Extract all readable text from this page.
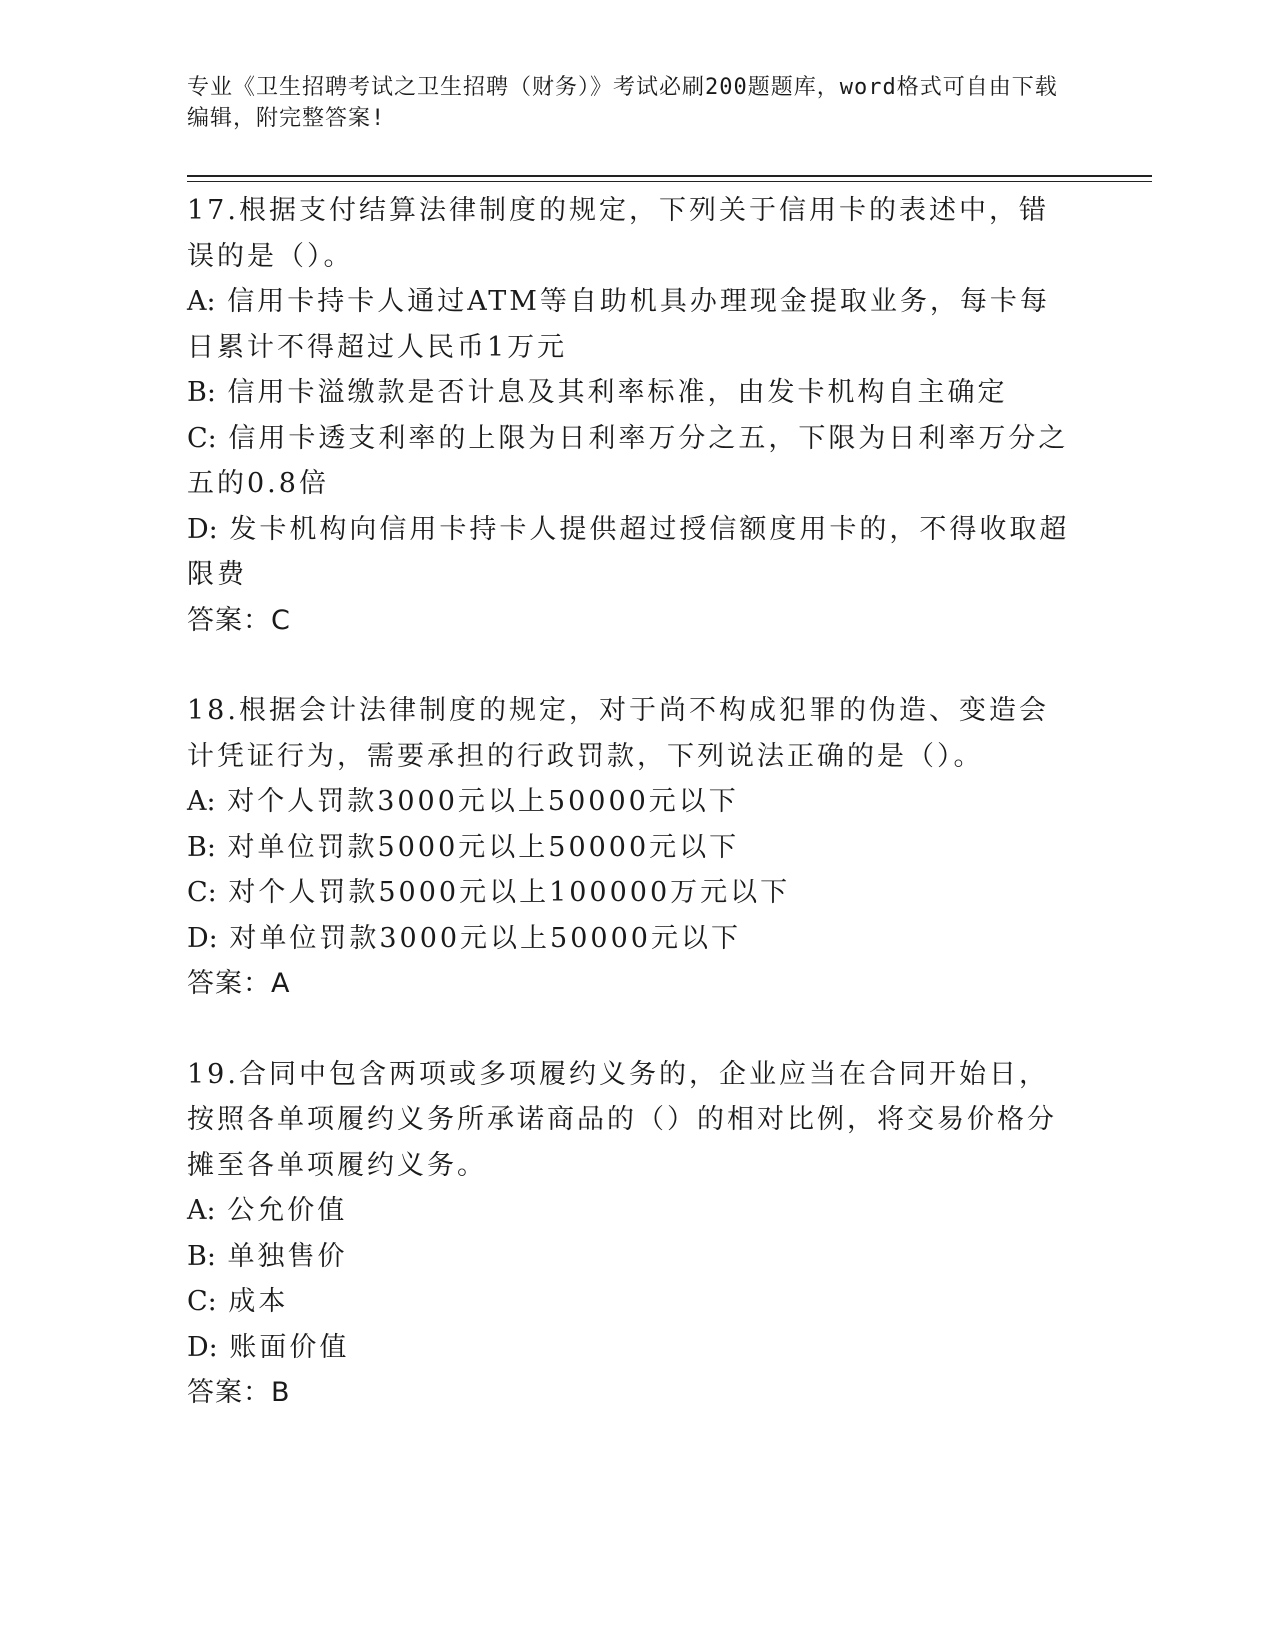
专业《卫生招聘考试之卫生招聘（财务）》考试必刷200题题库，word格式可自由下载编辑，附完整答案!

17.根据支付结算法律制度的规定，下列关于信用卡的表述中，错误的是（）。

A: 信用卡持卡人通过ATM等自助机具办理现金提取业务，每卡每日累计不得超过人民币1万元

B: 信用卡溢缴款是否计息及其利率标准，由发卡机构自主确定

C: 信用卡透支利率的上限为日利率万分之五，下限为日利率万分之五的0.8倍

D: 发卡机构向信用卡持卡人提供超过授信额度用卡的，不得收取超限费

答案：C

18.根据会计法律制度的规定，对于尚不构成犯罪的伪造、变造会计凭证行为，需要承担的行政罚款，下列说法正确的是（）。

A: 对个人罚款3000元以上50000元以下

B: 对单位罚款5000元以上50000元以下

C: 对个人罚款5000元以上100000万元以下

D: 对单位罚款3000元以上50000元以下

答案：A

19.合同中包含两项或多项履约义务的，企业应当在合同开始日，按照各单项履约义务所承诺商品的（）的相对比例，将交易价格分摊至各单项履约义务。

A: 公允价值

B: 单独售价

C: 成本

D: 账面价值

答案：B
